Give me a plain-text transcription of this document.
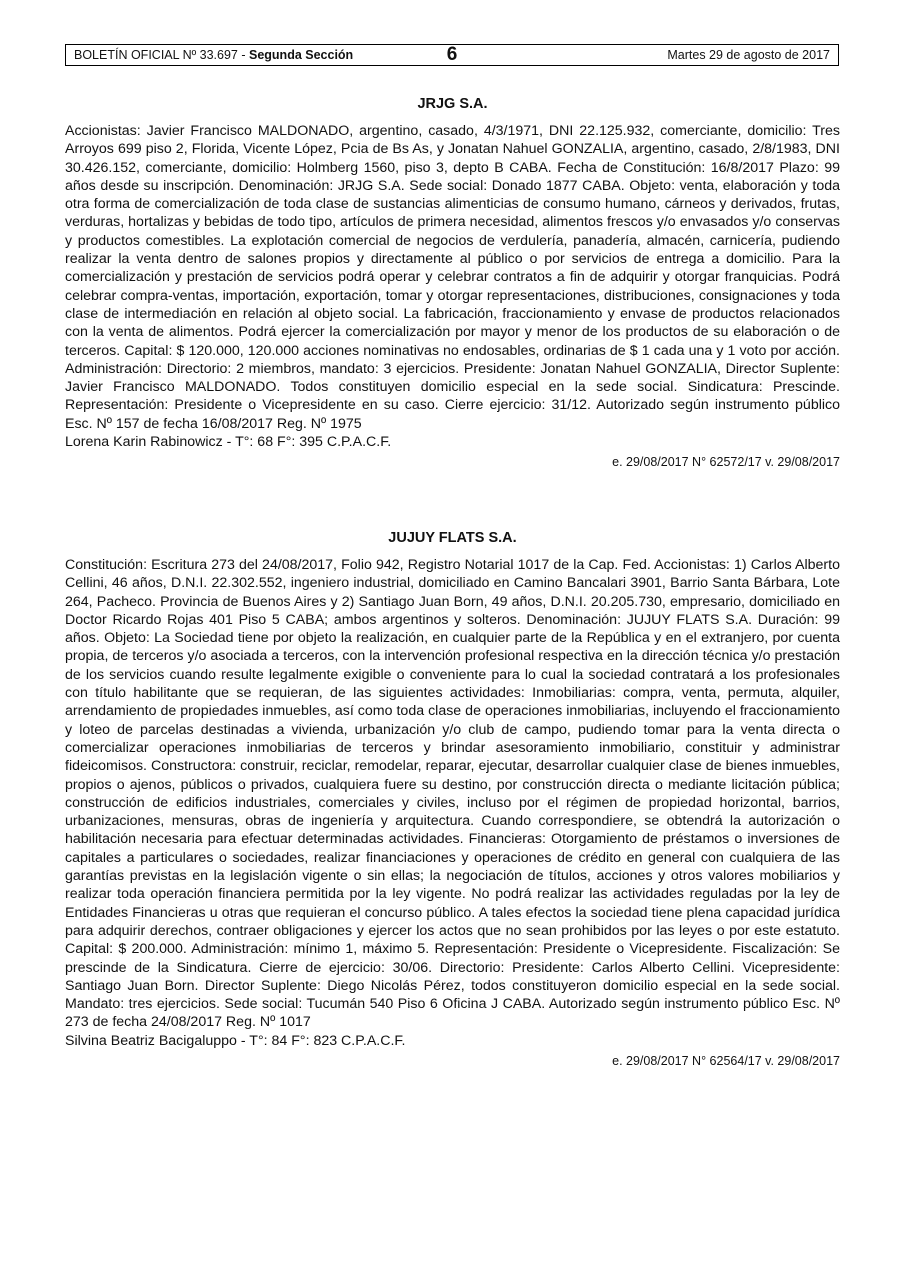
BOLETÍN OFICIAL Nº 33.697 - Segunda Sección	6	Martes 29 de agosto de 2017
JRJG S.A.

Accionistas: Javier Francisco MALDONADO, argentino, casado, 4/3/1971, DNI 22.125.932, comerciante, domicilio: Tres Arroyos 699 piso 2, Florida, Vicente López, Pcia de Bs As, y Jonatan Nahuel GONZALIA, argentino, casado, 2/8/1983, DNI 30.426.152, comerciante, domicilio: Holmberg 1560, piso 3, depto B CABA. Fecha de Constitución: 16/8/2017 Plazo: 99 años desde su inscripción. Denominación: JRJG S.A. Sede social: Donado 1877 CABA. Objeto: venta, elaboración y toda otra forma de comercialización de toda clase de sustancias alimenticias de consumo humano, cárneos y derivados, frutas, verduras, hortalizas y bebidas de todo tipo, artículos de primera necesidad, alimentos frescos y/o envasados y/o conservas y productos comestibles. La explotación comercial de negocios de verdulería, panadería, almacén, carnicería, pudiendo realizar la venta dentro de salones propios y directamente al público o por servicios de entrega a domicilio. Para la comercialización y prestación de servicios podrá operar y celebrar contratos a fin de adquirir y otorgar franquicias. Podrá celebrar compra-ventas, importación, exportación, tomar y otorgar representaciones, distribuciones, consignaciones y toda clase de intermediación en relación al objeto social. La fabricación, fraccionamiento y envase de productos relacionados con la venta de alimentos. Podrá ejercer la comercialización por mayor y menor de los productos de su elaboración o de terceros. Capital: $ 120.000, 120.000 acciones nominativas no endosables, ordinarias de $ 1 cada una y 1 voto por acción. Administración: Directorio: 2 miembros, mandato: 3 ejercicios. Presidente: Jonatan Nahuel GONZALIA, Director Suplente: Javier Francisco MALDONADO. Todos constituyen domicilio especial en la sede social. Sindicatura: Prescinde. Representación: Presidente o Vicepresidente en su caso. Cierre ejercicio: 31/12. Autorizado según instrumento público Esc. Nº 157 de fecha 16/08/2017 Reg. Nº 1975

Lorena Karin Rabinowicz - T°: 68 F°: 395 C.P.A.C.F.
e. 29/08/2017 N° 62572/17 v. 29/08/2017
JUJUY FLATS S.A.

Constitución: Escritura 273 del 24/08/2017, Folio 942, Registro Notarial 1017 de la Cap. Fed. Accionistas: 1) Carlos Alberto Cellini, 46 años, D.N.I. 22.302.552, ingeniero industrial, domiciliado en Camino Bancalari 3901, Barrio Santa Bárbara, Lote 264, Pacheco. Provincia de Buenos Aires y 2) Santiago Juan Born, 49 años, D.N.I. 20.205.730, empresario, domiciliado en Doctor Ricardo Rojas 401 Piso 5 CABA; ambos argentinos y solteros. Denominación: JUJUY FLATS S.A. Duración: 99 años. Objeto: La Sociedad tiene por objeto la realización, en cualquier parte de la República y en el extranjero, por cuenta propia, de terceros y/o asociada a terceros, con la intervención profesional respectiva en la dirección técnica y/o prestación de los servicios cuando resulte legalmente exigible o conveniente para lo cual la sociedad contratará a los profesionales con título habilitante que se requieran, de las siguientes actividades: Inmobiliarias: compra, venta, permuta, alquiler, arrendamiento de propiedades inmuebles, así como toda clase de operaciones inmobiliarias, incluyendo el fraccionamiento y loteo de parcelas destinadas a vivienda, urbanización y/o club de campo, pudiendo tomar para la venta directa o comercializar operaciones inmobiliarias de terceros y brindar asesoramiento inmobiliario, constituir y administrar fideicomisos. Constructora: construir, reciclar, remodelar, reparar, ejecutar, desarrollar cualquier clase de bienes inmuebles, propios o ajenos, públicos o privados, cualquiera fuere su destino, por construcción directa o mediante licitación pública; construcción de edificios industriales, comerciales y civiles, incluso por el régimen de propiedad horizontal, barrios, urbanizaciones, mensuras, obras de ingeniería y arquitectura. Cuando correspondiere, se obtendrá la autorización o habilitación necesaria para efectuar determinadas actividades. Financieras: Otorgamiento de préstamos o inversiones de capitales a particulares o sociedades, realizar financiaciones y operaciones de crédito en general con cualquiera de las garantías previstas en la legislación vigente o sin ellas; la negociación de títulos, acciones y otros valores mobiliarios y realizar toda operación financiera permitida por la ley vigente. No podrá realizar las actividades reguladas por la ley de Entidades Financieras u otras que requieran el concurso público. A tales efectos la sociedad tiene plena capacidad jurídica para adquirir derechos, contraer obligaciones y ejercer los actos que no sean prohibidos por las leyes o por este estatuto. Capital: $ 200.000. Administración: mínimo 1, máximo 5. Representación: Presidente o Vicepresidente. Fiscalización: Se prescinde de la Sindicatura. Cierre de ejercicio: 30/06. Directorio: Presidente: Carlos Alberto Cellini. Vicepresidente: Santiago Juan Born. Director Suplente: Diego Nicolás Pérez, todos constituyeron domicilio especial en la sede social. Mandato: tres ejercicios. Sede social: Tucumán 540 Piso 6 Oficina J CABA. Autorizado según instrumento público Esc. Nº 273 de fecha 24/08/2017 Reg. Nº 1017

Silvina Beatriz Bacigaluppo - T°: 84 F°: 823 C.P.A.C.F.
e. 29/08/2017 N° 62564/17 v. 29/08/2017
